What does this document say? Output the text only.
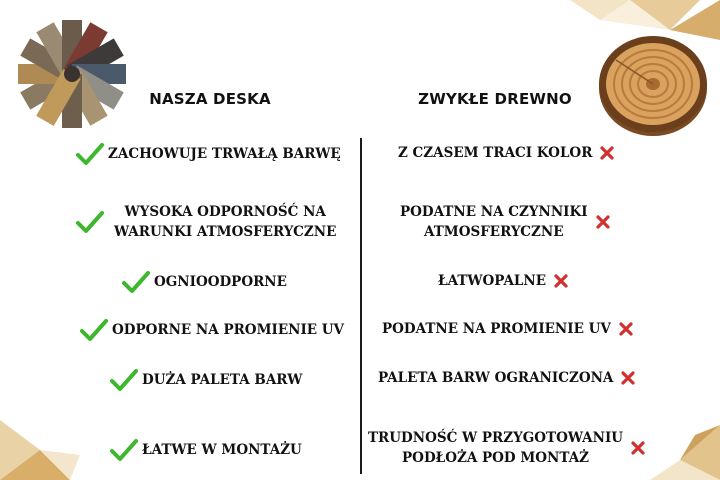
NASZA DESKA	ZWYKŁE DREWNO
ZACHOWUJE TRWAŁĄ BARWĘ
WYSOKA ODPORNOŚĆ NA
WARUNKI ATMOSFERYCZNE
OGNIOODPORNE
ODPORNE NA PROMIENIE UV
DUŻA PALETA BARW
ŁATWE W MONTAŻU
Z CZASEM TRACI KOLOR
PODATNE NA CZYNNIKI
ATMOSFERYCZNE
ŁATWOPALNE
PODATNE NA PROMIENIE UV
PALETA BARW OGRANICZONA
TRUDNOŚĆ W PRZYGOTOWANIU
PODŁOŻA POD MONTAŻ
